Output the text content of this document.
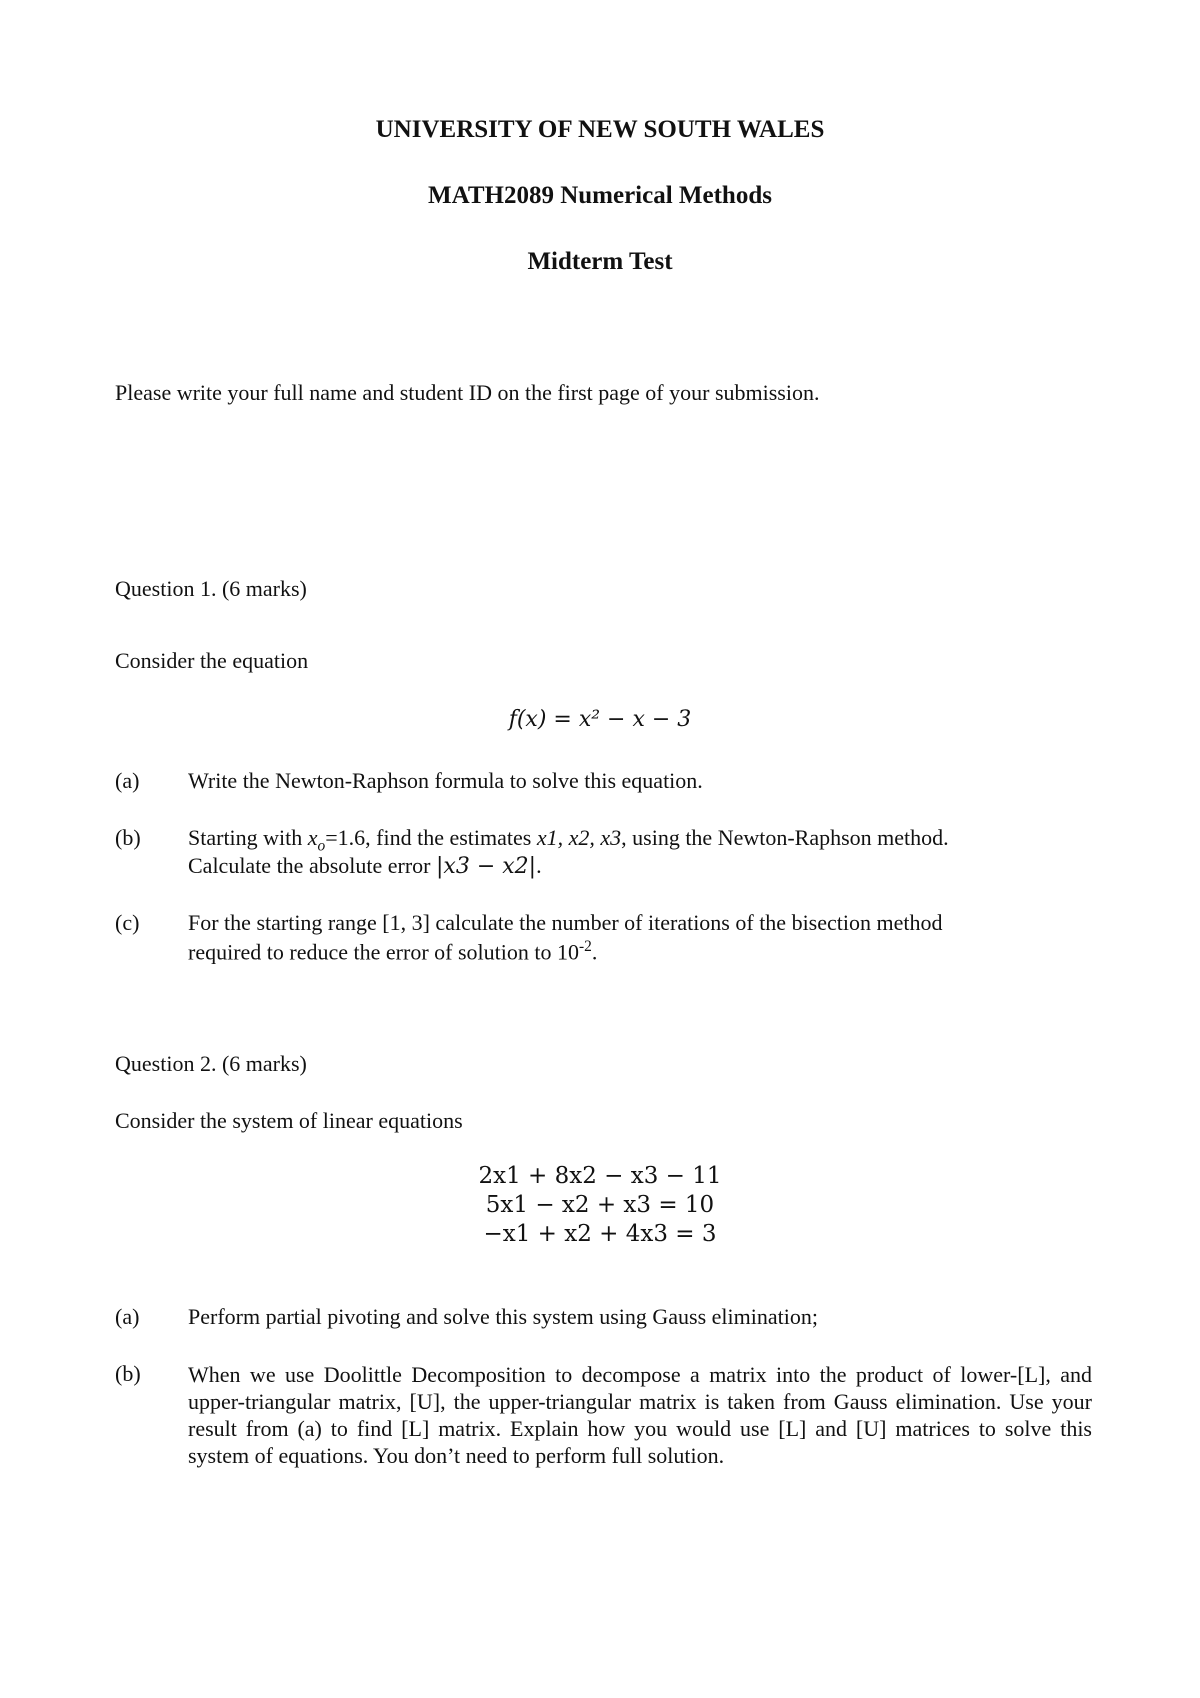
UNIVERSITY OF NEW SOUTH WALES
MATH2089 Numerical Methods
Midterm Test
Please write your full name and student ID on the first page of your submission.
Question 1. (6 marks)
Consider the equation
f(x) = x² − x − 3
(a) Write the Newton-Raphson formula to solve this equation.
(b) Starting with $x_o=1.6$, find the estimates x1, x2, x3, using the Newton-Raphson method.
Calculate the absolute error |x3 − x2|.
(c) For the starting range [1, 3] calculate the number of iterations of the bisection method
required to reduce the error of solution to $10^{-2}$.
Question 2. (6 marks)
Consider the system of linear equations
2x1 + 8x2 − x3 − 11
5x1 − x2 + x3 = 10
−x1 + x2 + 4x3 = 3
(a) Perform partial pivoting and solve this system using Gauss elimination;
(b) When we use Doolittle Decomposition to decompose a matrix into the product of lower-[L], and upper-triangular matrix, [U], the upper-triangular matrix is taken from Gauss elimination. Use your result from (a) to find [L] matrix. Explain how you would use [L] and [U] matrices to solve this system of equations. You don’t need to perform full solution.
